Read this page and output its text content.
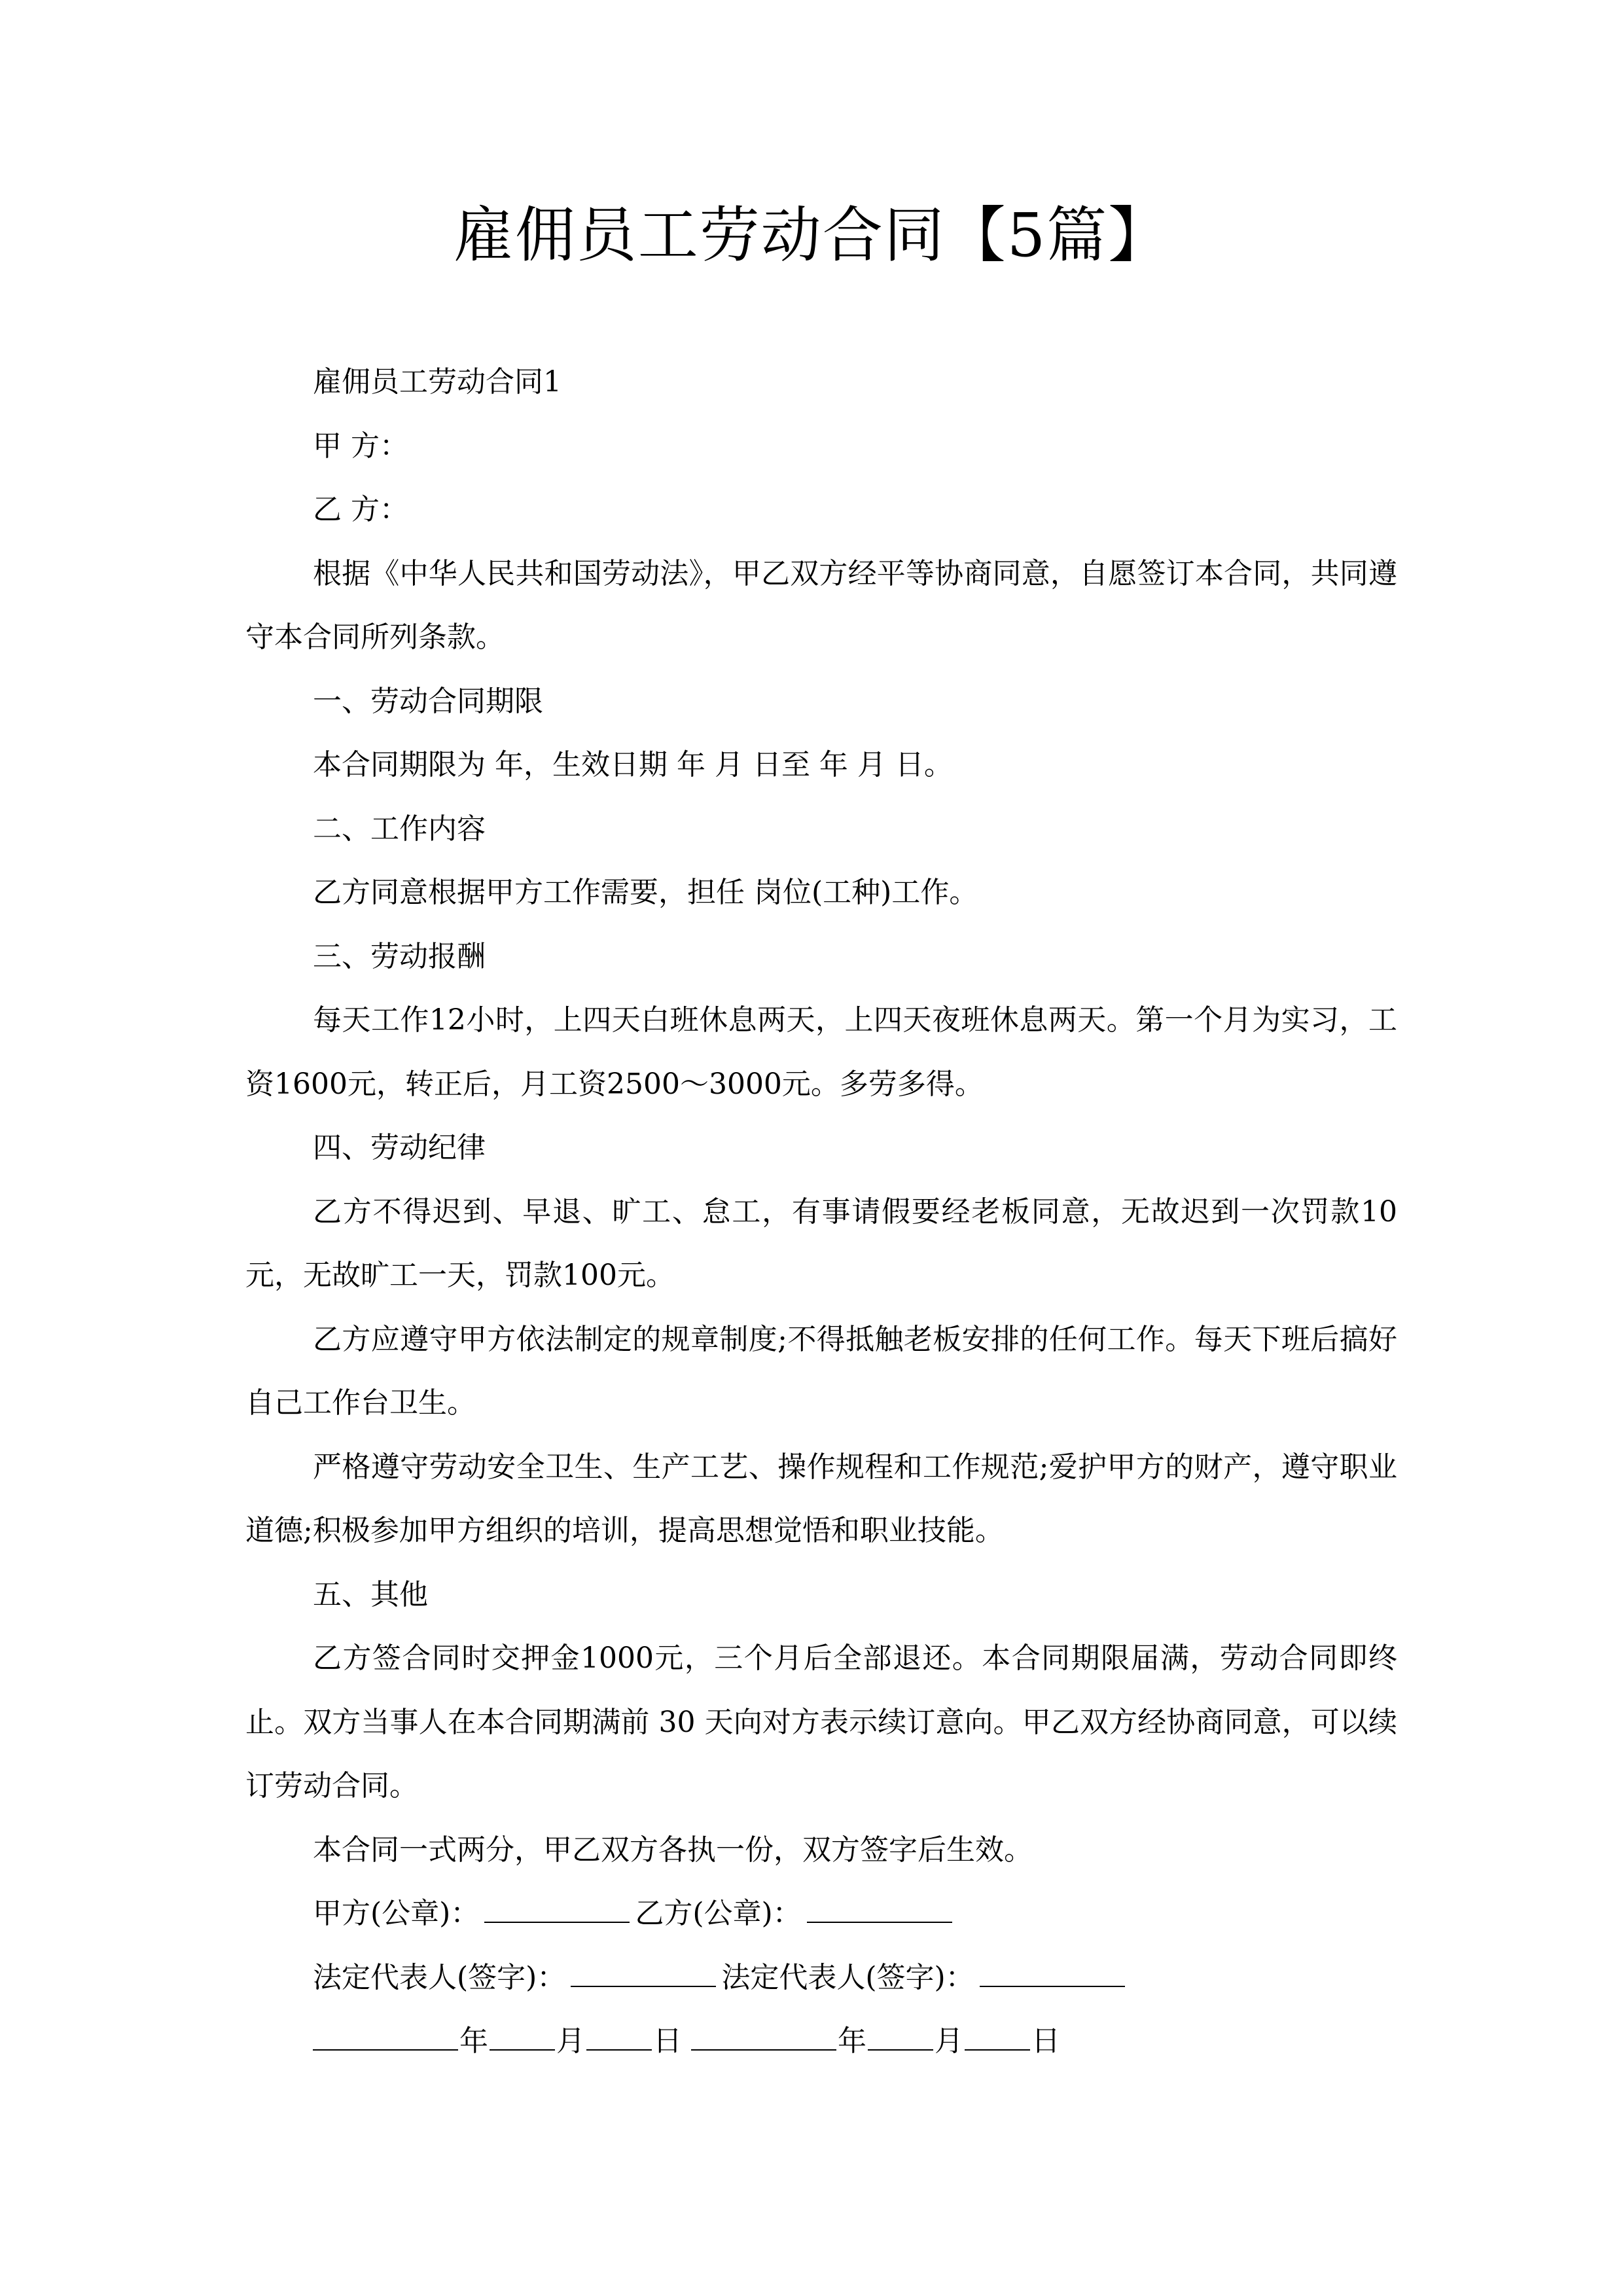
雇佣员工劳动合同【5篇】

雇佣员工劳动合同1

甲 方：

乙 方：

根据《中华人民共和国劳动法》，甲乙双方经平等协商同意，自愿签订本合同，共同遵守本合同所列条款。

一、劳动合同期限

本合同期限为 年，生效日期 年 月 日至 年 月 日。

二、工作内容

乙方同意根据甲方工作需要，担任 岗位(工种)工作。

三、劳动报酬

每天工作12小时，上四天白班休息两天，上四天夜班休息两天。第一个月为实习，工资1600元，转正后，月工资2500～3000元。多劳多得。

四、劳动纪律

乙方不得迟到、早退、旷工、怠工，有事请假要经老板同意，无故迟到一次罚款10元，无故旷工一天，罚款100元。

乙方应遵守甲方依法制定的规章制度;不得抵触老板安排的任何工作。每天下班后搞好自己工作台卫生。

严格遵守劳动安全卫生、生产工艺、操作规程和工作规范;爱护甲方的财产，遵守职业道德;积极参加甲方组织的培训，提高思想觉悟和职业技能。

五、其他

乙方签合同时交押金1000元，三个月后全部退还。本合同期限届满，劳动合同即终止。双方当事人在本合同期满前 30 天向对方表示续订意向。甲乙双方经协商同意，可以续订劳动合同。

本合同一式两分，甲乙双方各执一份，双方签字后生效。

甲方(公章)：	乙方(公章)：

法定代表人(签字)：	法定代表人(签字)：

年 月 日	年 月 日
